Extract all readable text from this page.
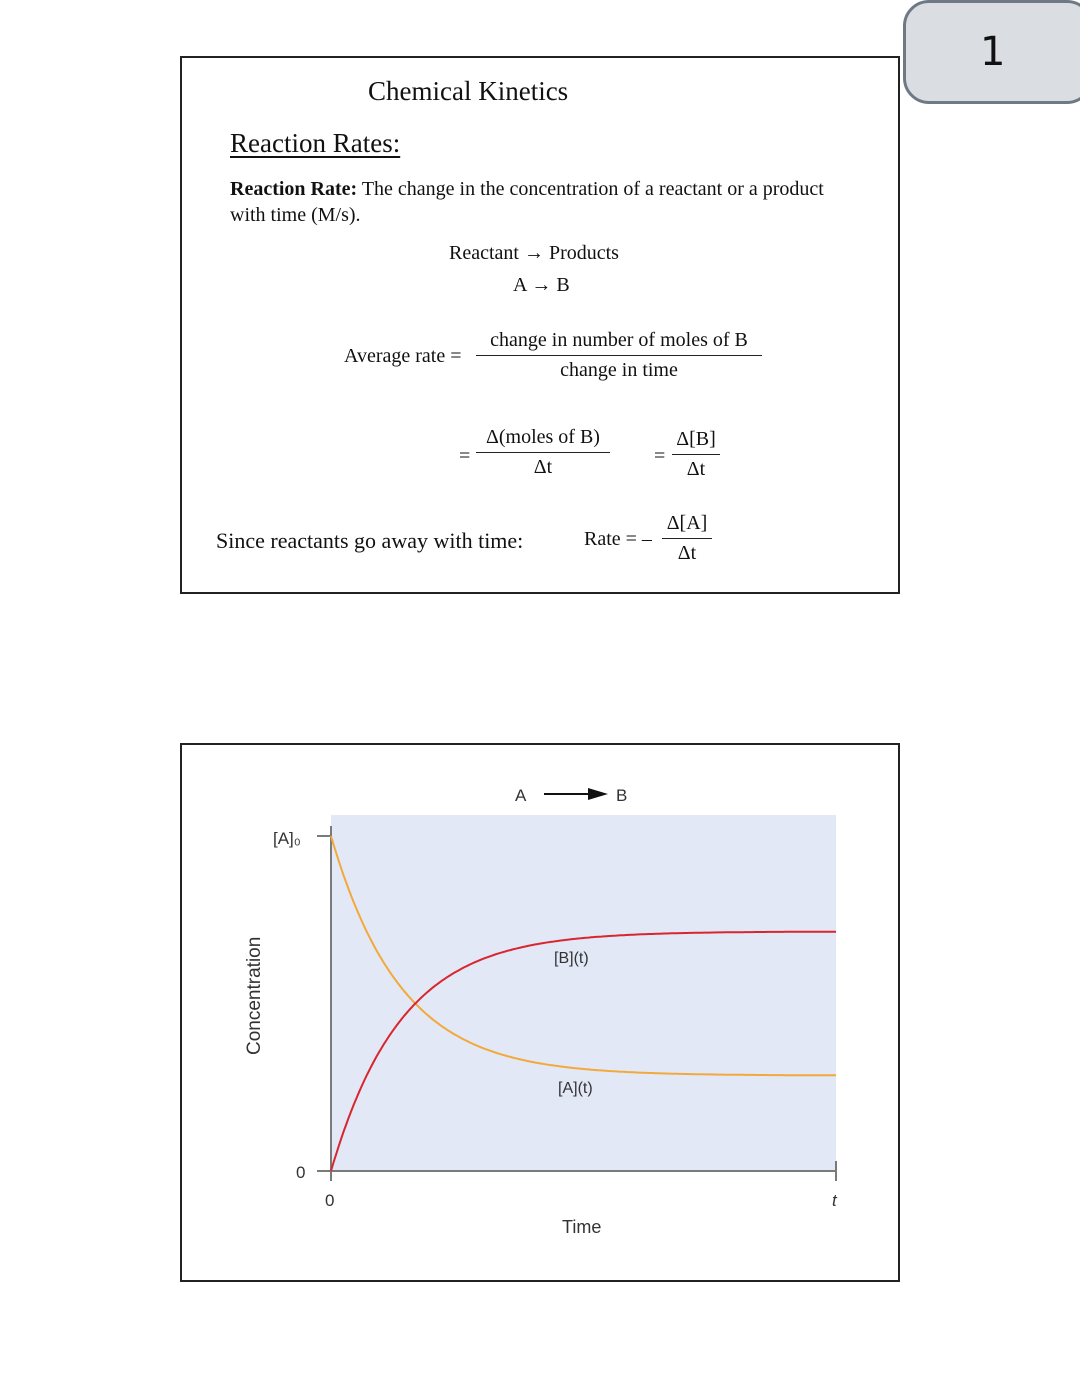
1
Chemical Kinetics
Reaction Rates:
Reaction Rate: The change in the concentration of a reactant or a product with time (M/s).
Reactant → Products
A → B
Average rate =
change in number of moles of B
change in time
=
Δ(moles of B)
Δt	= $\frac{\Delta[B]}{\Delta t}$
Since reactants go away with time:	Rate = – $\frac{\Delta[A]}{\Delta t}$
[A]₀
0
0	t
Time
Concentration	[B](t)
[A](t)
A	B
